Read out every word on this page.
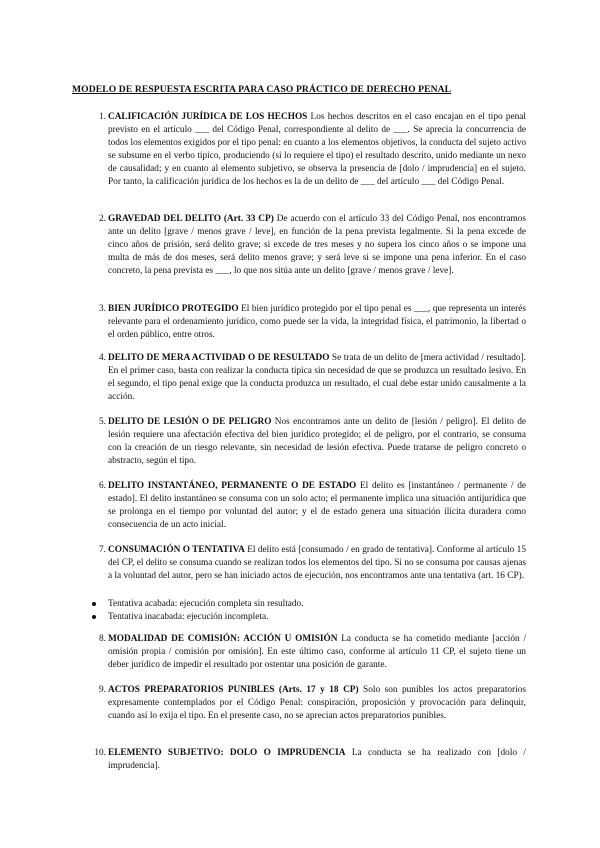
MODELO DE RESPUESTA ESCRITA PARA CASO PRÁCTICO DE DERECHO PENAL
1. CALIFICACIÓN JURÍDICA DE LOS HECHOS Los hechos descritos en el caso encajan en el tipo penal previsto en el artículo ___ del Código Penal, correspondiente al delito de ___. Se aprecia la concurrencia de todos los elementos exigidos por el tipo penal: en cuanto a los elementos objetivos, la conducta del sujeto activo se subsume en el verbo típico, produciendo (si lo requiere el tipo) el resultado descrito, unido mediante un nexo de causalidad; y en cuanto al elemento subjetivo, se observa la presencia de [dolo / imprudencia] en el sujeto. Por tanto, la calificación jurídica de los hechos es la de un delito de ___ del artículo ___ del Código Penal.
2. GRAVEDAD DEL DELITO (Art. 33 CP) De acuerdo con el artículo 33 del Código Penal, nos encontramos ante un delito [grave / menos grave / leve], en función de la pena prevista legalmente. Si la pena excede de cinco años de prisión, será delito grave; si excede de tres meses y no supera los cinco años o se impone una multa de más de dos meses, será delito menos grave; y será leve si se impone una pena inferior. En el caso concreto, la pena prevista es ___, lo que nos sitúa ante un delito [grave / menos grave / leve].
3. BIEN JURÍDICO PROTEGIDO El bien jurídico protegido por el tipo penal es ___, que representa un interés relevante para el ordenamiento jurídico, como puede ser la vida, la integridad física, el patrimonio, la libertad o el orden público, entre otros.
4. DELITO DE MERA ACTIVIDAD O DE RESULTADO Se trata de un delito de [mera actividad / resultado]. En el primer caso, basta con realizar la conducta típica sin necesidad de que se produzca un resultado lesivo. En el segundo, el tipo penal exige que la conducta produzca un resultado, el cual debe estar unido causalmente a la acción.
5. DELITO DE LESIÓN O DE PELIGRO Nos encontramos ante un delito de [lesión / peligro]. El delito de lesión requiere una afectación efectiva del bien jurídico protegido; el de peligro, por el contrario, se consuma con la creación de un riesgo relevante, sin necesidad de lesión efectiva. Puede tratarse de peligro concreto o abstracto, según el tipo.
6. DELITO INSTANTÁNEO, PERMANENTE O DE ESTADO El delito es [instantáneo / permanente / de estado]. El delito instantáneo se consuma con un solo acto; el permanente implica una situación antijurídica que se prolonga en el tiempo por voluntad del autor; y el de estado genera una situación ilícita duradera como consecuencia de un acto inicial.
7. CONSUMACIÓN O TENTATIVA El delito está [consumado / en grado de tentativa]. Conforme al artículo 15 del CP, el delito se consuma cuando se realizan todos los elementos del tipo. Si no se consuma por causas ajenas a la voluntad del autor, pero se han iniciado actos de ejecución, nos encontramos ante una tentativa (art. 16 CP).
8. MODALIDAD DE COMISIÓN: ACCIÓN U OMISIÓN La conducta se ha cometido mediante [acción / omisión propia / comisión por omisión]. En este último caso, conforme al artículo 11 CP, el sujeto tiene un deber jurídico de impedir el resultado por ostentar una posición de garante.
9. ACTOS PREPARATORIOS PUNIBLES (Arts. 17 y 18 CP) Solo son punibles los actos preparatorios expresamente contemplados por el Código Penal: conspiración, proposición y provocación para delinquir, cuando así lo exija el tipo. En el presente caso, no se aprecian actos preparatorios punibles.
10. ELEMENTO SUBJETIVO: DOLO O IMPRUDENCIA La conducta se ha realizado con [dolo / imprudencia].
Tentativa acabada: ejecución completa sin resultado.
Tentativa inacabada: ejecución incompleta.
